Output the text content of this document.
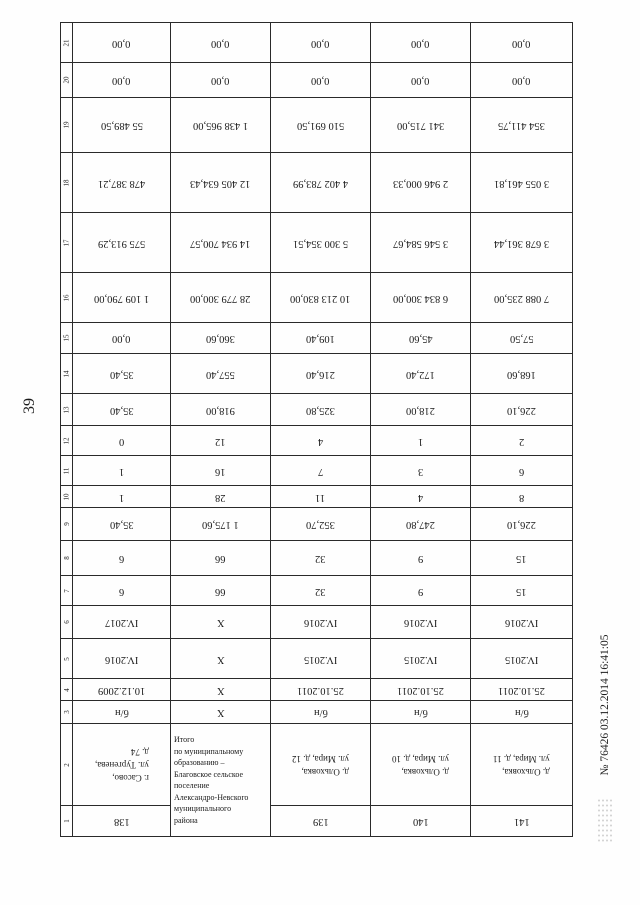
39
1
2
3
4
5
6
7
8
9
10
11
12
13
14
15
16
17
18
19
20
21
138
г. Сасово,
ул. Тургенева,
д. 74
б/н
10.12.2009
IV.2016
IV.2017
6
6
35,40
1
1
0
35,40
35,40
0,00
1 109 790,00
575 913,29
478 387,21
55 489,50
0,00
0,00
Итого
по муниципальному
образованию –
Благовское сельское
поселение
Александро-Невского
муниципального
района
X
X
X
X
66
66
1 175,60
28
16
12
918,00
557,40
360,60
28 779 300,00
14 934 700,57
12 405 634,43
1 438 965,00
0,00
0,00
139
д. Ольховка,
ул. Мира, д. 12
б/н
25.10.2011
IV.2015
IV.2016
32
32
352,70
11
7
4
325,80
216,40
109,40
10 213 830,00
5 300 354,51
4 402 783,99
510 691,50
0,00
0,00
140
д. Ольховка,
ул. Мира, д. 10
б/н
25.10.2011
IV.2015
IV.2016
9
9
247,80
4
3
1
218,00
172,40
45,60
6 834 300,00
3 546 584,67
2 946 000,33
341 715,00
0,00
0,00
141
д. Ольховка,
ул. Мира, д. 11
б/н
25.10.2011
IV.2015
IV.2016
15
15
226,10
8
6
2
226,10
168,60
57,50
7 088 235,00
3 678 361,44
3 055 461,81
354 411,75
0,00
0,00
№ 76426 03.12.2014 16:41:05
